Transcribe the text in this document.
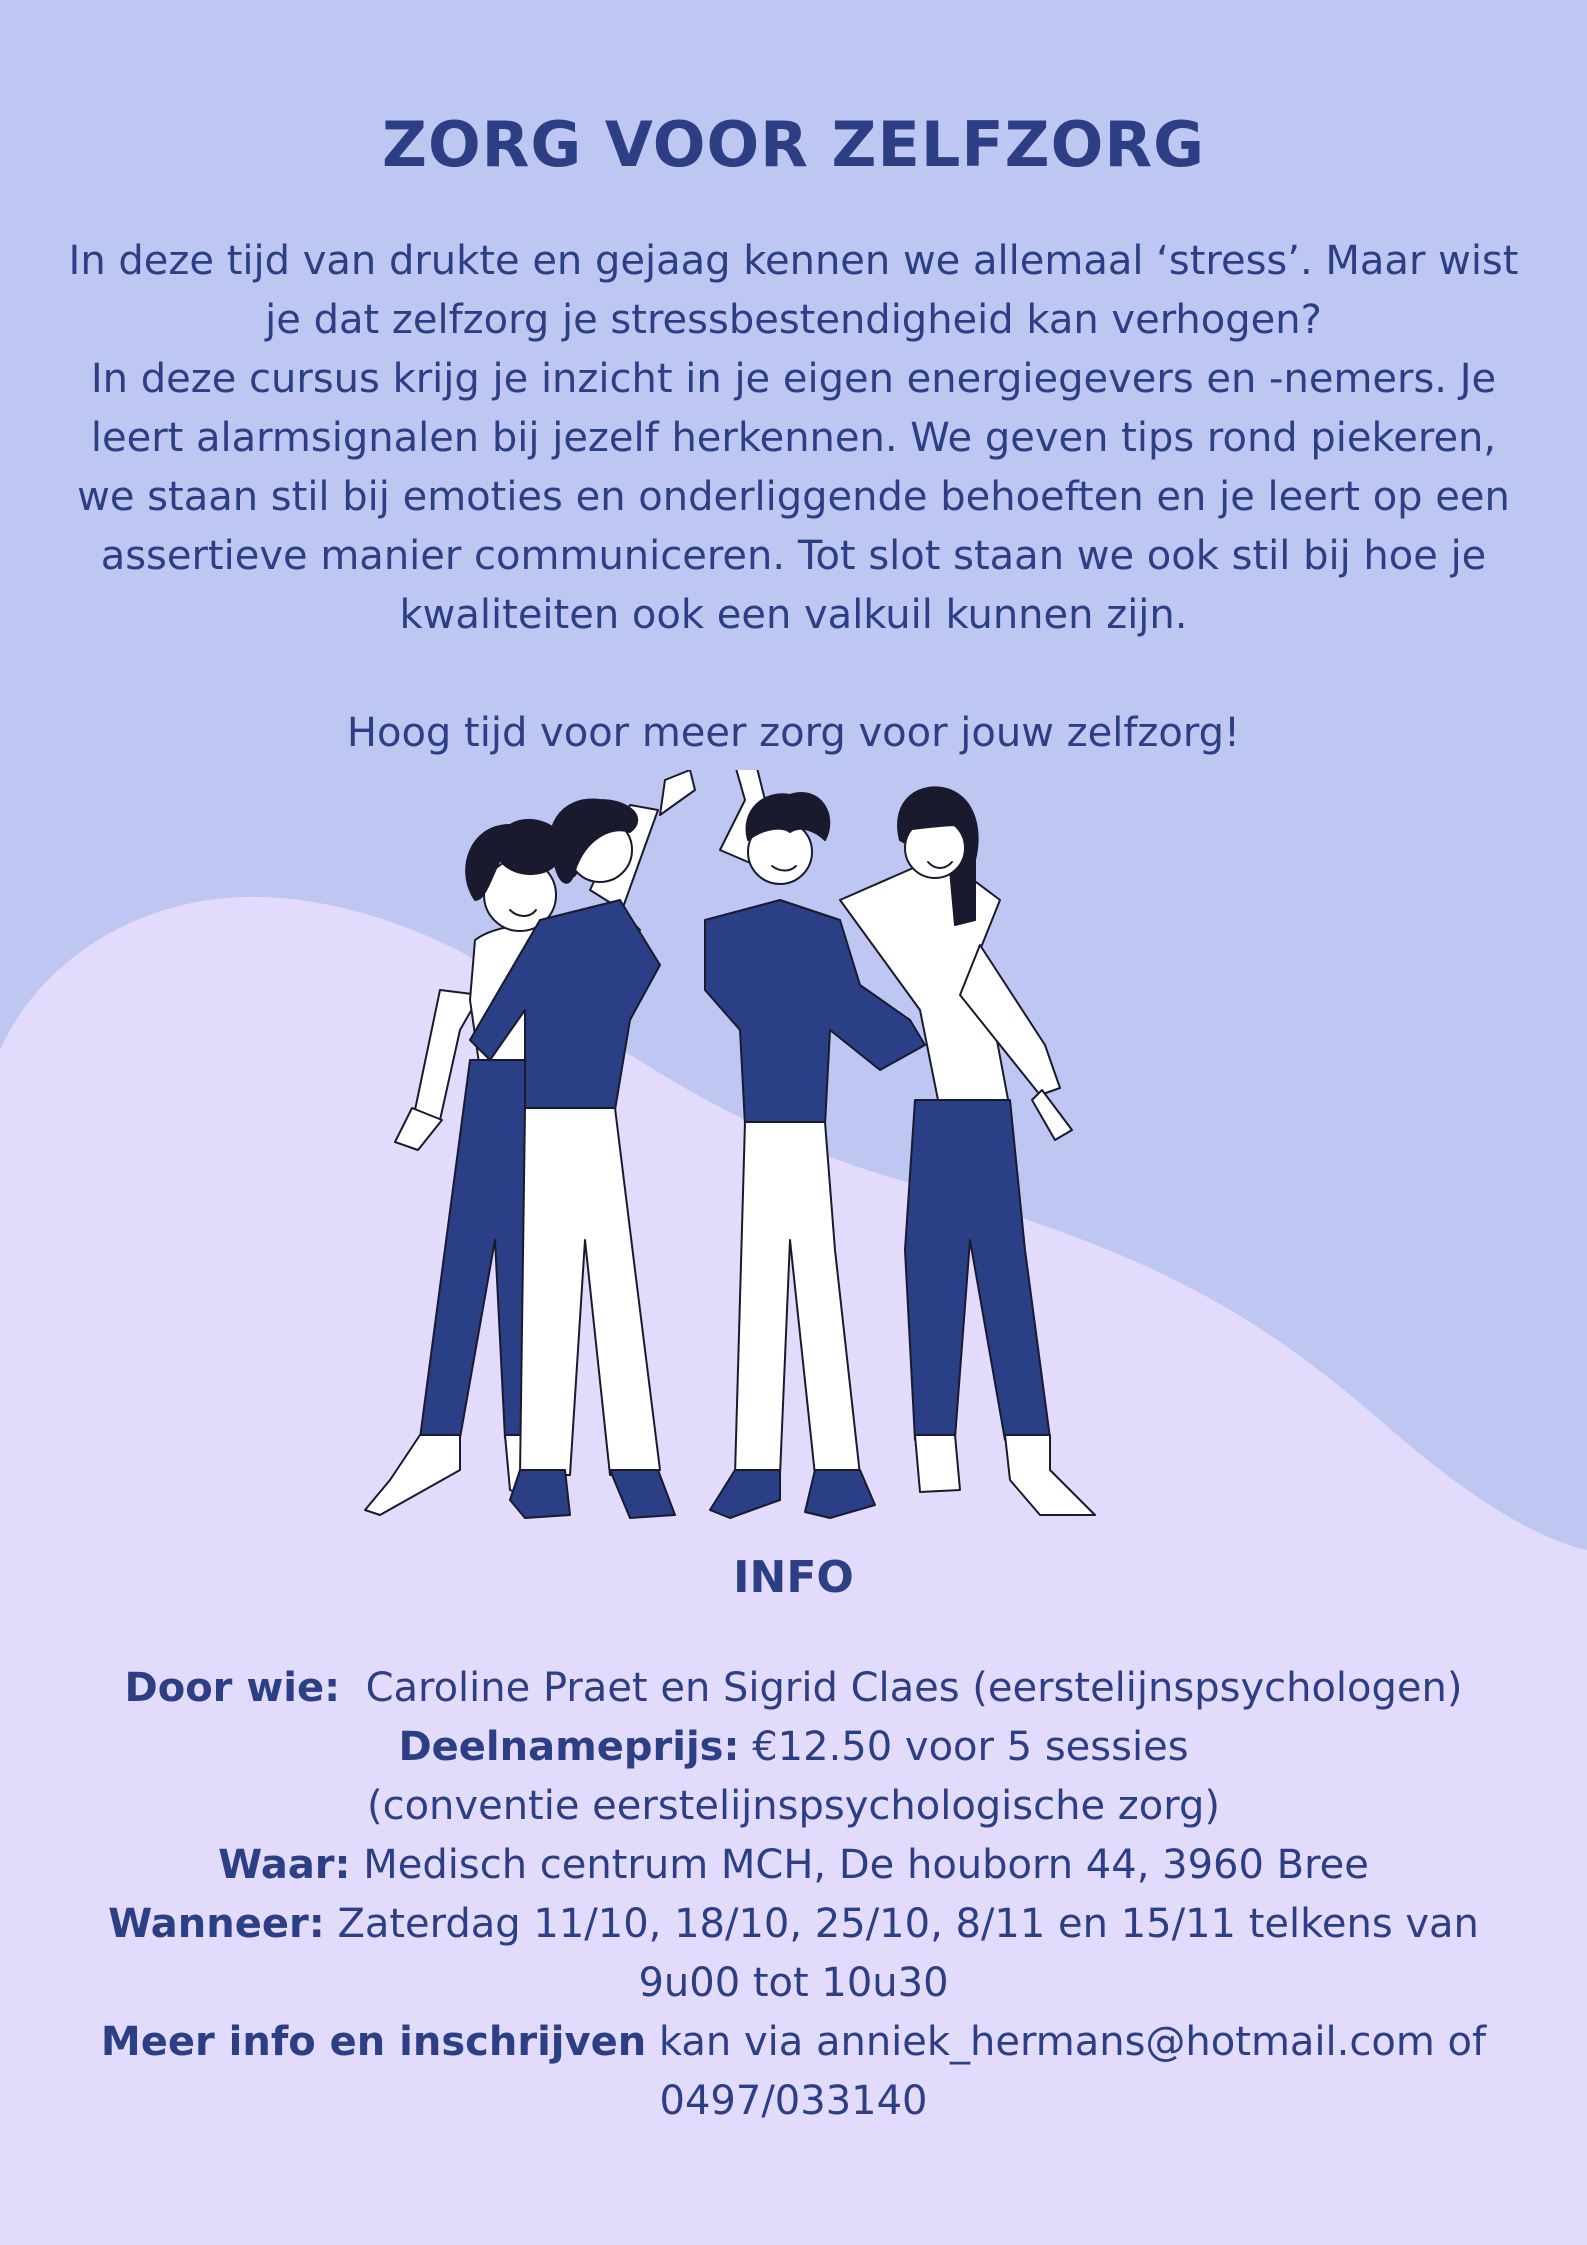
ZORG VOOR ZELFZORG

In deze tijd van drukte en gejaag kennen we allemaal ‘stress’. Maar wist je dat zelfzorg je stressbestendigheid kan verhogen?

In deze cursus krijg je inzicht in je eigen energiegevers en -nemers. Je leert alarmsignalen bij jezelf herkennen. We geven tips rond piekeren, we staan stil bij emoties en onderliggende behoeften en je leert op een assertieve manier communiceren. Tot slot staan we ook stil bij hoe je kwaliteiten ook een valkuil kunnen zijn.

Hoog tijd voor meer zorg voor jouw zelfzorg!
INFO

Door wie: Caroline Praet en Sigrid Claes (eerstelijnspsychologen)

Deelnameprijs: €12.50 voor 5 sessies

(conventie eerstelijnspsychologische zorg)

Waar: Medisch centrum MCH, De houborn 44, 3960 Bree

Wanneer: Zaterdag 11/10, 18/10, 25/10, 8/11 en 15/11 telkens van 9u00 tot 10u30

Meer info en inschrijven kan via anniek_hermans@hotmail.com of 0497/033140
